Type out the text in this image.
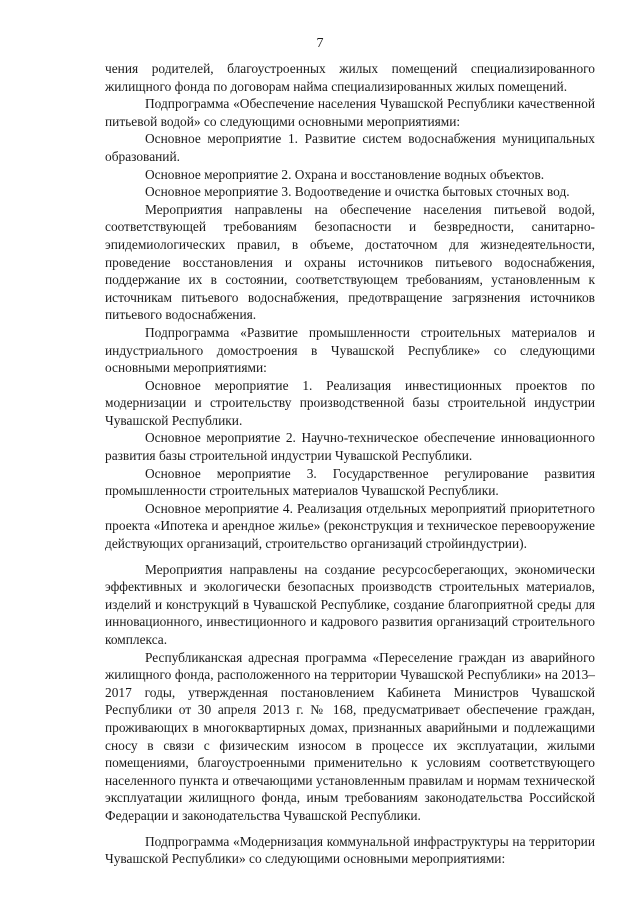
7

чения родителей, благоустроенных жилых помещений специализированного жилищного фонда по договорам найма специализированных жилых помещений.

Подпрограмма «Обеспечение населения Чувашской Республики качественной питьевой водой» со следующими основными мероприятиями:

Основное мероприятие 1. Развитие систем водоснабжения муниципальных образований.

Основное мероприятие 2. Охрана и восстановление водных объектов.

Основное мероприятие 3. Водоотведение и очистка бытовых сточных вод.

Мероприятия направлены на обеспечение населения питьевой водой, соответствующей требованиям безопасности и безвредности, санитарно-эпидемиологических правил, в объеме, достаточном для жизнедеятельности, проведение восстановления и охраны источников питьевого водоснабжения, поддержание их в состоянии, соответствующем требованиям, установленным к источникам питьевого водоснабжения, предотвращение загрязнения источников питьевого водоснабжения.

Подпрограмма «Развитие промышленности строительных материалов и индустриального домостроения в Чувашской Республике» со следующими основными мероприятиями:

Основное мероприятие 1. Реализация инвестиционных проектов по модернизации и строительству производственной базы строительной индустрии Чувашской Республики.

Основное мероприятие 2. Научно-техническое обеспечение инновационного развития базы строительной индустрии Чувашской Республики.

Основное мероприятие 3. Государственное регулирование развития промышленности строительных материалов Чувашской Республики.

Основное мероприятие 4. Реализация отдельных мероприятий приоритетного проекта «Ипотека и арендное жилье» (реконструкция и техническое перевооружение действующих организаций, строительство организаций стройиндустрии).

Мероприятия направлены на создание ресурсосберегающих, экономически эффективных и экологически безопасных производств строительных материалов, изделий и конструкций в Чувашской Республике, создание благоприятной среды для инновационного, инвестиционного и кадрового развития организаций строительного комплекса.

Республиканская адресная программа «Переселение граждан из аварийного жилищного фонда, расположенного на территории Чувашской Республики» на 2013–2017 годы, утвержденная постановлением Кабинета Министров Чувашской Республики от 30 апреля 2013 г. № 168, предусматривает обеспечение граждан, проживающих в многоквартирных домах, признанных аварийными и подлежащими сносу в связи с физическим износом в процессе их эксплуатации, жилыми помещениями, благоустроенными применительно к условиям соответствующего населенного пункта и отвечающими установленным правилам и нормам технической эксплуатации жилищного фонда, иным требованиям законодательства Российской Федерации и законодательства Чувашской Республики.

Подпрограмма «Модернизация коммунальной инфраструктуры на территории Чувашской Республики» со следующими основными мероприятиями:
